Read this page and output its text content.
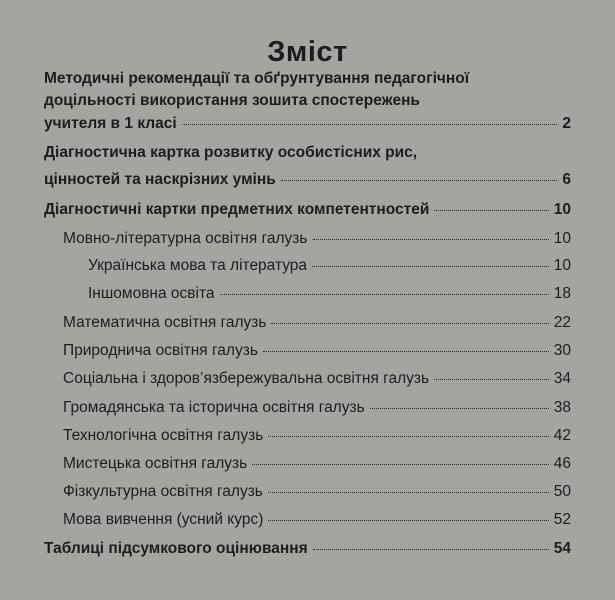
Зміст
Методичні рекомендації та обґрунтування педагогічної
доцільності використання зошита спостережень
учителя в 1 класі	2
Діагностична картка розвитку особистісних рис,
цінностей та наскрізних умінь	6
Діагностичні картки предметних компетентностей	10
Мовно-літературна освітня галузь	10
Українська мова та література	10
Іншомовна освіта	18
Математична освітня галузь	22
Природнича освітня галузь	30
Соціальна і здоров’язбережувальна освітня галузь	34
Громадянська та історична освітня галузь	38
Технологічна освітня галузь	42
Мистецька освітня галузь	46
Фізкультурна освітня галузь	50
Мова вивчення (усний курс)	52
Таблиці підсумкового оцінювання	54
